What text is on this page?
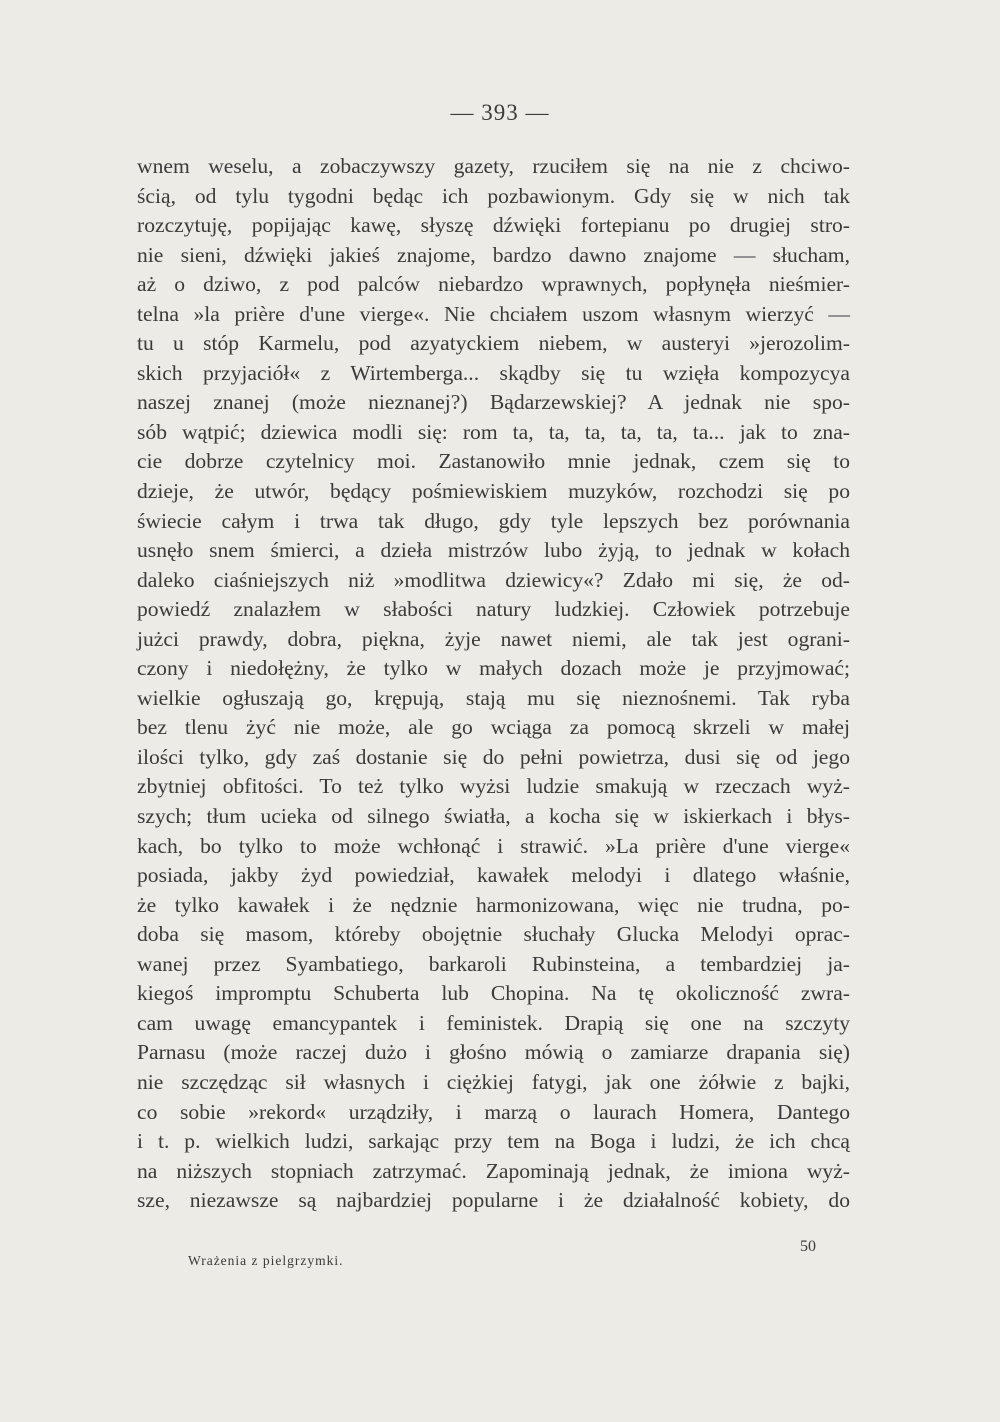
— 393 —
wnem weselu, a zobaczywszy gazety, rzuciłem się na nie z chciwo-
ścią, od tylu tygodni będąc ich pozbawionym. Gdy się w nich tak
rozczytuję, popijając kawę, słyszę dźwięki fortepianu po drugiej stro-
nie sieni, dźwięki jakieś znajome, bardzo dawno znajome — słucham,
aż o dziwo, z pod palców niebardzo wprawnych, popłynęła nieśmier-
telna »la prière d'une vierge«. Nie chciałem uszom własnym wierzyć —
tu u stóp Karmelu, pod azyatyckiem niebem, w austeryi »jerozolim-
skich przyjaciół« z Wirtemberga... skądby się tu wzięła kompozycya
naszej znanej (może nieznanej?) Bądarzewskiej? A jednak nie spo-
sób wątpić; dziewica modli się: rom ta, ta, ta, ta, ta, ta... jak to zna-
cie dobrze czytelnicy moi. Zastanowiło mnie jednak, czem się to
dzieje, że utwór, będący pośmiewiskiem muzyków, rozchodzi się po
świecie całym i trwa tak długo, gdy tyle lepszych bez porównania
usnęło snem śmierci, a dzieła mistrzów lubo żyją, to jednak w kołach
daleko ciaśniejszych niż »modlitwa dziewicy«? Zdało mi się, że od-
powiedź znalazłem w słabości natury ludzkiej. Człowiek potrzebuje
jużci prawdy, dobra, piękna, żyje nawet niemi, ale tak jest ograni-
czony i niedołężny, że tylko w małych dozach może je przyjmować;
wielkie ogłuszają go, krępują, stają mu się nieznośnemi. Tak ryba
bez tlenu żyć nie może, ale go wciąga za pomocą skrzeli w małej
ilości tylko, gdy zaś dostanie się do pełni powietrza, dusi się od jego
zbytniej obfitości. To też tylko wyżsi ludzie smakują w rzeczach wyż-
szych; tłum ucieka od silnego światła, a kocha się w iskierkach i błys-
kach, bo tylko to może wchłonąć i strawić. »La prière d'une vierge«
posiada, jakby żyd powiedział, kawałek melodyi i dlatego właśnie,
że tylko kawałek i że nędznie harmonizowana, więc nie trudna, po-
doba się masom, któreby obojętnie słuchały Glucka Melodyi oprac-
wanej przez Syambatiego, barkaroli Rubinsteina, a tembardziej ja-
kiegoś impromptu Schuberta lub Chopina. Na tę okoliczność zwra-
cam uwagę emancypantek i feministek. Drapią się one na szczyty
Parnasu (może raczej dużo i głośno mówią o zamiarze drapania się)
nie szczędząc sił własnych i ciężkiej fatygi, jak one żółwie z bajki,
co sobie »rekord« urządziły, i marzą o laurach Homera, Dantego
i t. p. wielkich ludzi, sarkając przy tem na Boga i ludzi, że ich chcą
na niższych stopniach zatrzymać. Zapominają jednak, że imiona wyż-
sze, niezawsze są najbardziej popularne i że działalność kobiety, do
Wrażenia z pielgrzymki.
50
